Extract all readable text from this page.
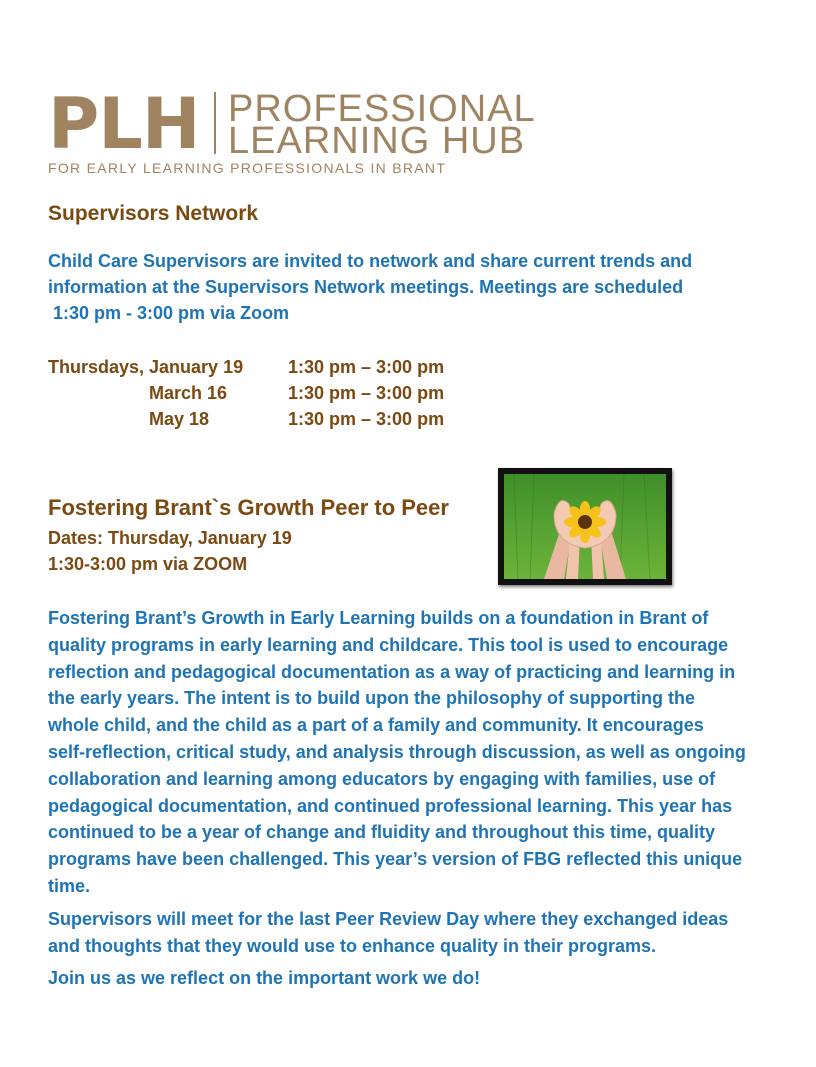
PLH PROFESSIONAL
LEARNING HUB
FOR EARLY LEARNING PROFESSIONALS IN BRANT
Supervisors Network

Child Care Supervisors are invited to network and share current trends and

information at the Supervisors Network meetings. Meetings are scheduled

1:30 pm - 3:00 pm via Zoom

Thursdays, January 19 1:30 pm – 3:00 pm
March 16	1:30 pm – 3:00 pm
May 18	1:30 pm – 3:00 pm
Fostering Brant`s Growth Peer to Peer
Dates: Thursday, January 19
1:30-3:00 pm via ZOOM

Fostering Brant’s Growth in Early Learning builds on a foundation in Brant of
quality programs in early learning and childcare. This tool is used to encourage
reflection and pedagogical documentation as a way of practicing and learning in
the early years. The intent is to build upon the philosophy of supporting the
whole child, and the child as a part of a family and community. It encourages
self-reflection, critical study, and analysis through discussion, as well as ongoing
collaboration and learning among educators by engaging with families, use of
pedagogical documentation, and continued professional learning. This year has
continued to be a year of change and fluidity and throughout this time, quality
programs have been challenged. This year’s version of FBG reflected this unique
time.

Supervisors will meet for the last Peer Review Day where they exchanged ideas
and thoughts that they would use to enhance quality in their programs.

Join us as we reflect on the important work we do!
